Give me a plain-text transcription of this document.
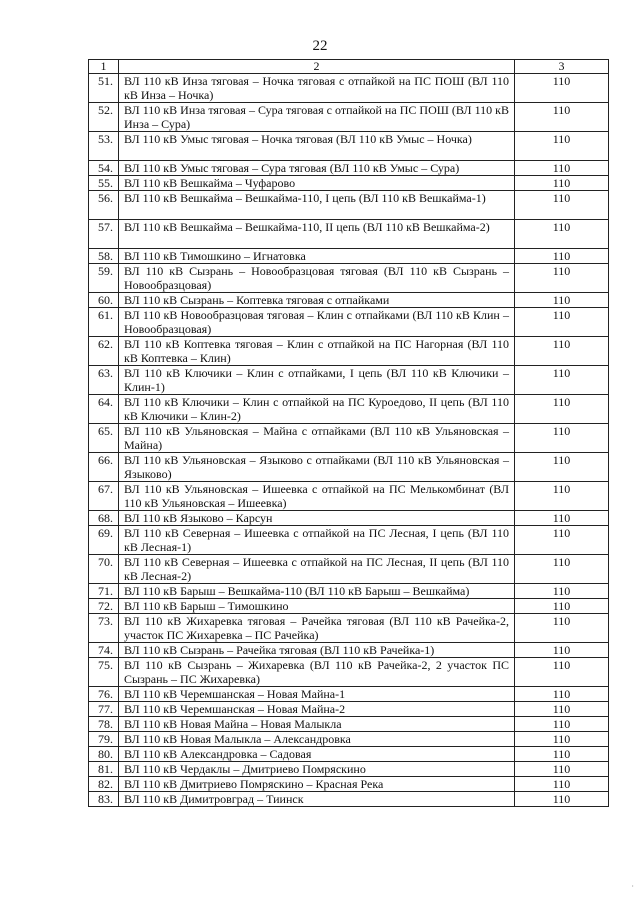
22
1	2	3
51.	ВЛ 110 кВ Инза тяговая – Ночка тяговая с отпайкой на ПС ПОШ (ВЛ 110 кВ Инза – Ночка)	110
52.	ВЛ 110 кВ Инза тяговая – Сура тяговая с отпайкой на ПС ПОШ (ВЛ 110 кВ Инза – Сура)	110
53.	ВЛ 110 кВ Умыс тяговая – Ночка тяговая (ВЛ 110 кВ Умыс – Ночка)	110
54.	ВЛ 110 кВ Умыс тяговая – Сура тяговая (ВЛ 110 кВ Умыс – Сура)	110
55.	ВЛ 110 кВ Вешкайма – Чуфарово	110
56.	ВЛ 110 кВ Вешкайма – Вешкайма-110, I цепь (ВЛ 110 кВ Вешкайма-1)	110
57.	ВЛ 110 кВ Вешкайма – Вешкайма-110, II цепь (ВЛ 110 кВ Вешкайма-2)	110
58.	ВЛ 110 кВ Тимошкино – Игнатовка	110
59.	ВЛ 110 кВ Сызрань – Новообразцовая тяговая (ВЛ 110 кВ Сызрань – Новообразцовая)	110
60.	ВЛ 110 кВ Сызрань – Коптевка тяговая с отпайками	110
61.	ВЛ 110 кВ Новообразцовая тяговая – Клин с отпайками (ВЛ 110 кВ Клин – Новообразцовая)	110
62.	ВЛ 110 кВ Коптевка тяговая – Клин с отпайкой на ПС Нагорная (ВЛ 110 кВ Коптевка – Клин)	110
63.	ВЛ 110 кВ Ключики – Клин с отпайками, I цепь (ВЛ 110 кВ Ключики – Клин-1)	110
64.	ВЛ 110 кВ Ключики – Клин с отпайкой на ПС Куроедово, II цепь (ВЛ 110 кВ Ключики – Клин-2)	110
65.	ВЛ 110 кВ Ульяновская – Майна с отпайками (ВЛ 110 кВ Ульяновская – Майна)	110
66.	ВЛ 110 кВ Ульяновская – Языково с отпайками (ВЛ 110 кВ Ульяновская – Языково)	110
67.	ВЛ 110 кВ Ульяновская – Ишеевка с отпайкой на ПС Мелькомбинат (ВЛ 110 кВ Ульяновская – Ишеевка)	110
68.	ВЛ 110 кВ Языково – Карсун	110
69.	ВЛ 110 кВ Северная – Ишеевка с отпайкой на ПС Лесная, I цепь (ВЛ 110 кВ Лесная-1)	110
70.	ВЛ 110 кВ Северная – Ишеевка с отпайкой на ПС Лесная, II цепь (ВЛ 110 кВ Лесная-2)	110
71.	ВЛ 110 кВ Барыш – Вешкайма-110 (ВЛ 110 кВ Барыш – Вешкайма)	110
72.	ВЛ 110 кВ Барыш – Тимошкино	110
73.	ВЛ 110 кВ Жихаревка тяговая – Рачейка тяговая (ВЛ 110 кВ Рачейка-2, участок ПС Жихаревка – ПС Рачейка)	110
74.	ВЛ 110 кВ Сызрань – Рачейка тяговая (ВЛ 110 кВ Рачейка-1)	110
75.	ВЛ 110 кВ Сызрань – Жихаревка (ВЛ 110 кВ Рачейка-2, 2 участок ПС Сызрань – ПС Жихаревка)	110
76.	ВЛ 110 кВ Черемшанская – Новая Майна-1	110
77.	ВЛ 110 кВ Черемшанская – Новая Майна-2	110
78.	ВЛ 110 кВ Новая Майна – Новая Малыкла	110
79.	ВЛ 110 кВ Новая Малыкла – Александровка	110
80.	ВЛ 110 кВ Александровка – Садовая	110
81.	ВЛ 110 кВ Чердаклы – Дмитриево Помряскино	110
82.	ВЛ 110 кВ Дмитриево Помряскино – Красная Река	110
83.	ВЛ 110 кВ Димитровград – Тиинск	110
·
